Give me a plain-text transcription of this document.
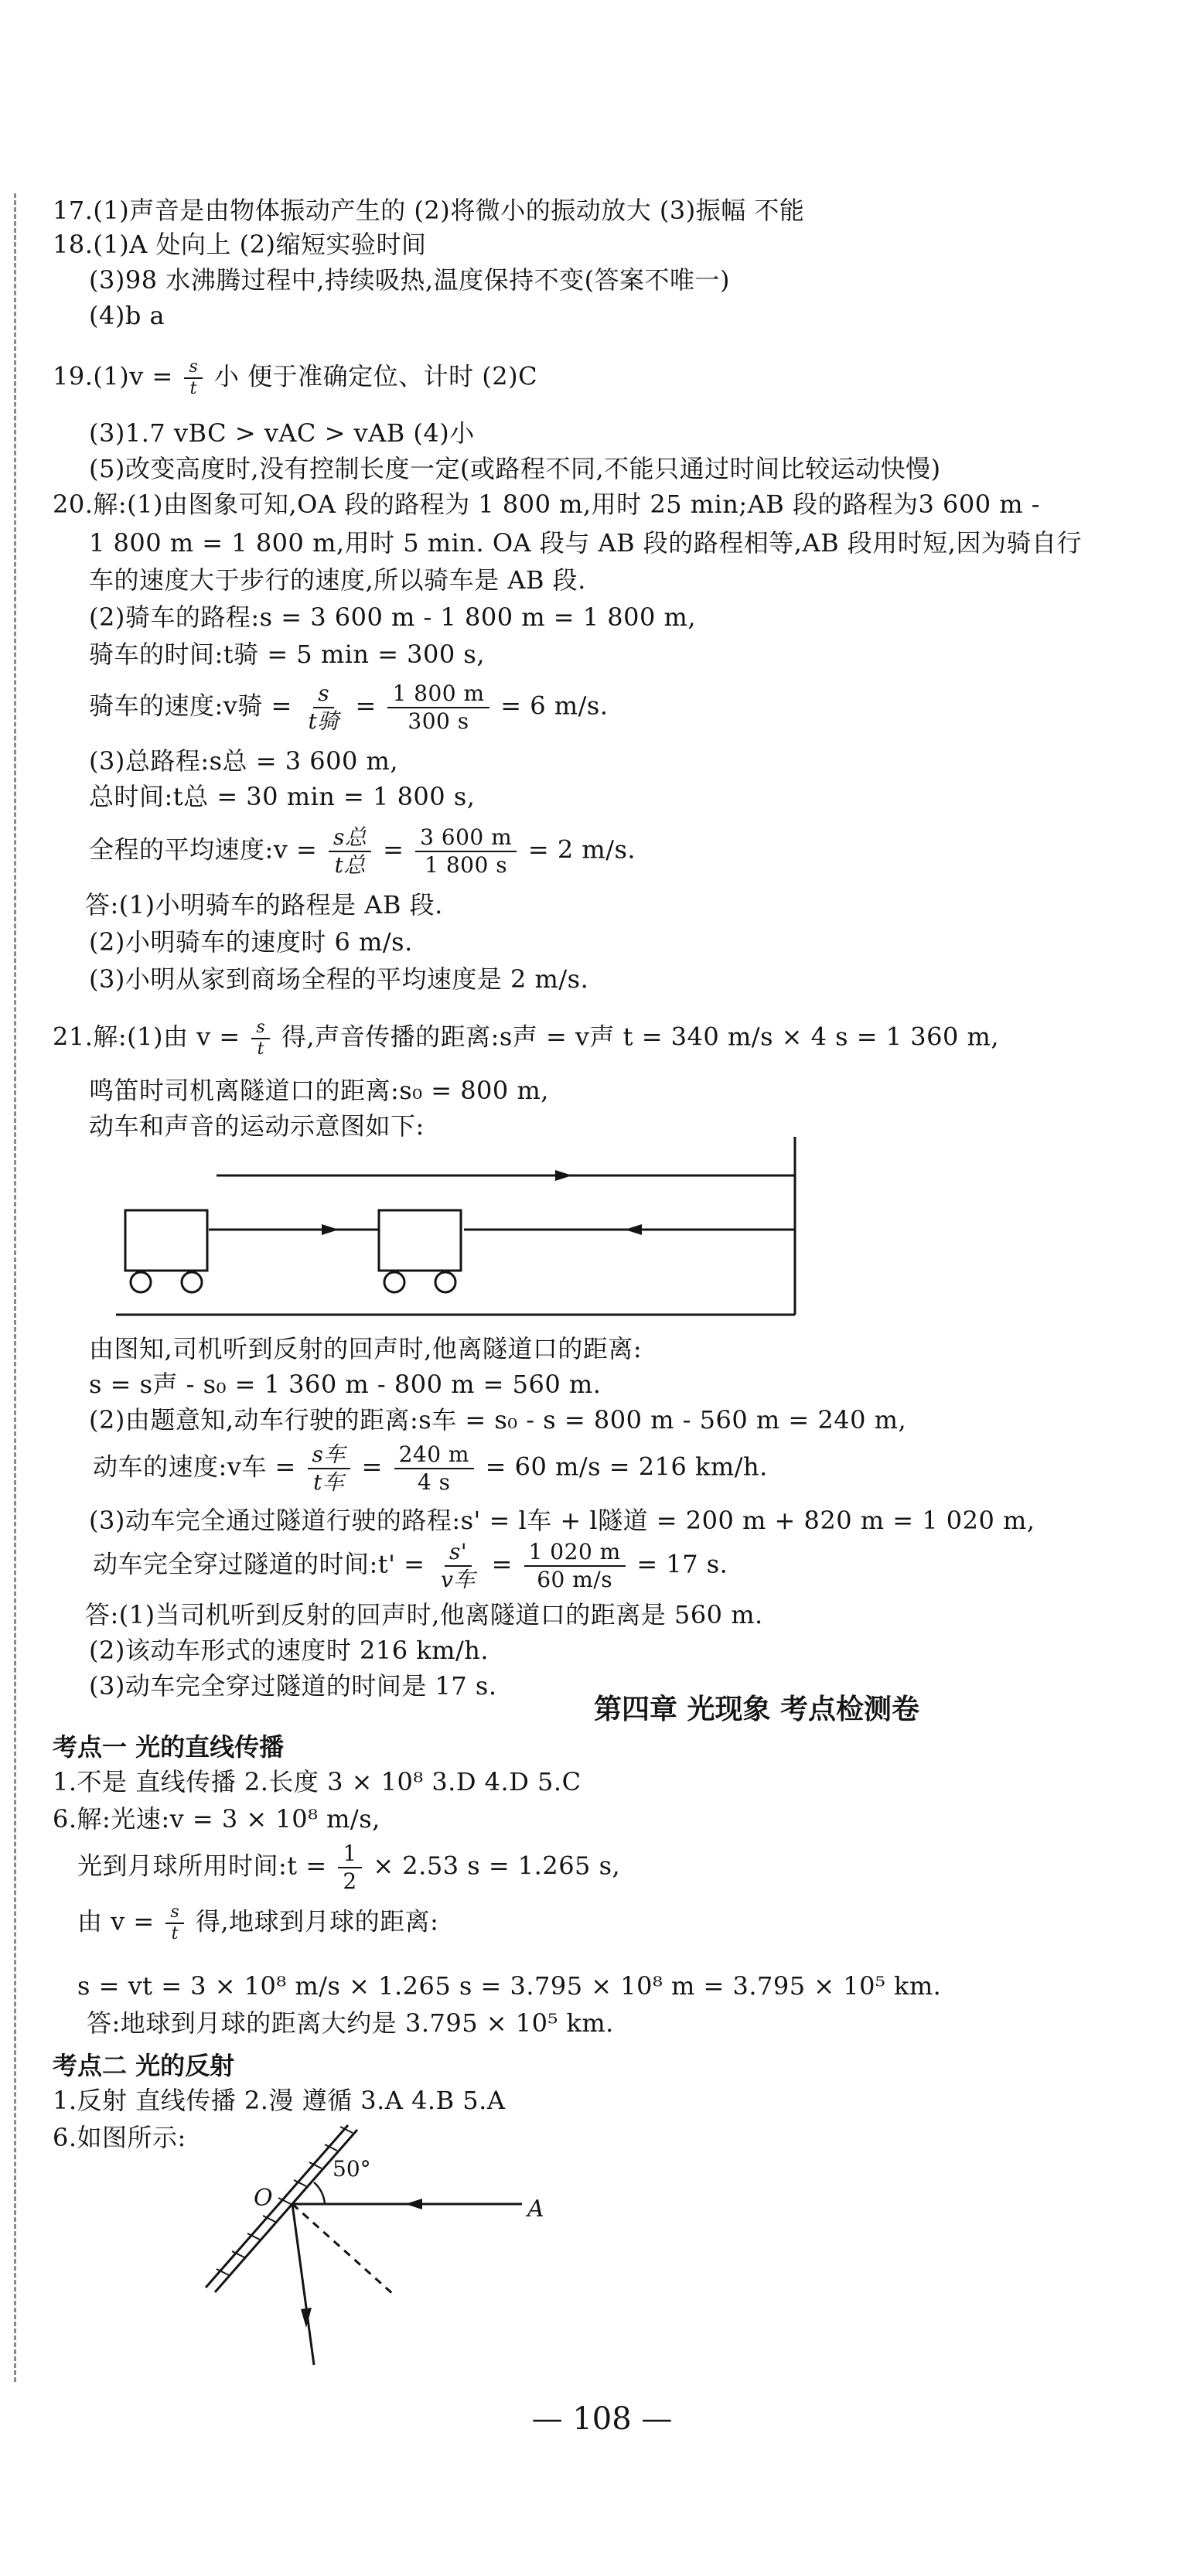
17.(1)声音是由物体振动产生的 (2)将微小的振动放大 (3)振幅 不能
18.(1)A 处向上 (2)缩短实验时间
(3)98 水沸腾过程中,持续吸热,温度保持不变(答案不唯一)
(4)b a
$19.(1)v = \frac{s}{t}$ 小 便于准确定位、计时 (2)C
(3)1.7 vBC > vAC > vAB (4)小
(5)改变高度时,没有控制长度一定(或路程不同,不能只通过时间比较运动快慢)
20.解:(1)由图象可知,OA 段的路程为 1 800 m,用时 25 min;AB 段的路程为3 600 m -
1 800 m = 1 800 m,用时 5 min. OA 段与 AB 段的路程相等,AB 段用时短,因为骑自行
车的速度大于步行的速度,所以骑车是 AB 段.
(2)骑车的路程:s = 3 600 m - 1 800 m = 1 800 m,
骑车的时间:t骑 = 5 min = 300 s,
骑车的速度:v骑 = $\frac{s}{\text{t骑}} = \frac{1 800 m}{300 s} = 6$ m/s.
(3)总路程:s总 = 3 600 m,
总时间:t总 = 30 min = 1 800 s,
全程的平均速度:v = $\frac{\text{s总}}{\text{t总}} = \frac{3 600 m}{1 800 s} = 2$ m/s.
答:(1)小明骑车的路程是 AB 段.
(2)小明骑车的速度时 6 m/s.
(3)小明从家到商场全程的平均速度是 2 m/s.
21.解:(1)由 $v = \frac{s}{t}$ 得,声音传播的距离:s声 = v声 t = 340 m/s × 4 s = 1 360 m,
鸣笛时司机离隧道口的距离:s₀ = 800 m,
动车和声音的运动示意图如下:
由图知,司机听到反射的回声时,他离隧道口的距离:
s = s声 - s₀ = 1 360 m - 800 m = 560 m.
(2)由题意知,动车行驶的距离:s车 = s₀ - s = 800 m - 560 m = 240 m,
动车的速度:v车 = $\frac{\text{s车}}{\text{t车}} = \frac{240 m}{4 s} = 60$ m/s = 216 km/h.
(3)动车完全通过隧道行驶的路程:s' = l车 + l隧道 = 200 m + 820 m = 1 020 m,
动车完全穿过隧道的时间:t' = $\frac{s'}{\text{v车}} = \frac{1 020 m}{60 m/s} = 17$ s.
答:(1)当司机听到反射的回声时,他离隧道口的距离是 560 m.
(2)该动车形式的速度时 216 km/h.
(3)动车完全穿过隧道的时间是 17 s.
第四章 光现象 考点检测卷
考点一 光的直线传播
1.不是 直线传播 2.长度 3 × 10⁸ 3.D 4.D 5.C
6.解:光速:v = 3 × 10⁸ m/s,
光到月球所用时间:t = $\frac{1}{2} \times 2.53$ s = 1.265 s,
由 $v = \frac{s}{t}$ 得,地球到月球的距离:
s = vt = 3 × 10⁸ m/s × 1.265 s = 3.795 × 10⁸ m = 3.795 × 10⁵ km.
答:地球到月球的距离大约是 3.795 × 10⁵ km.
考点二 光的反射
1.反射 直线传播 2.漫 遵循 3.A 4.B 5.A
6.如图所示:
O	A
50°
— 108 —
